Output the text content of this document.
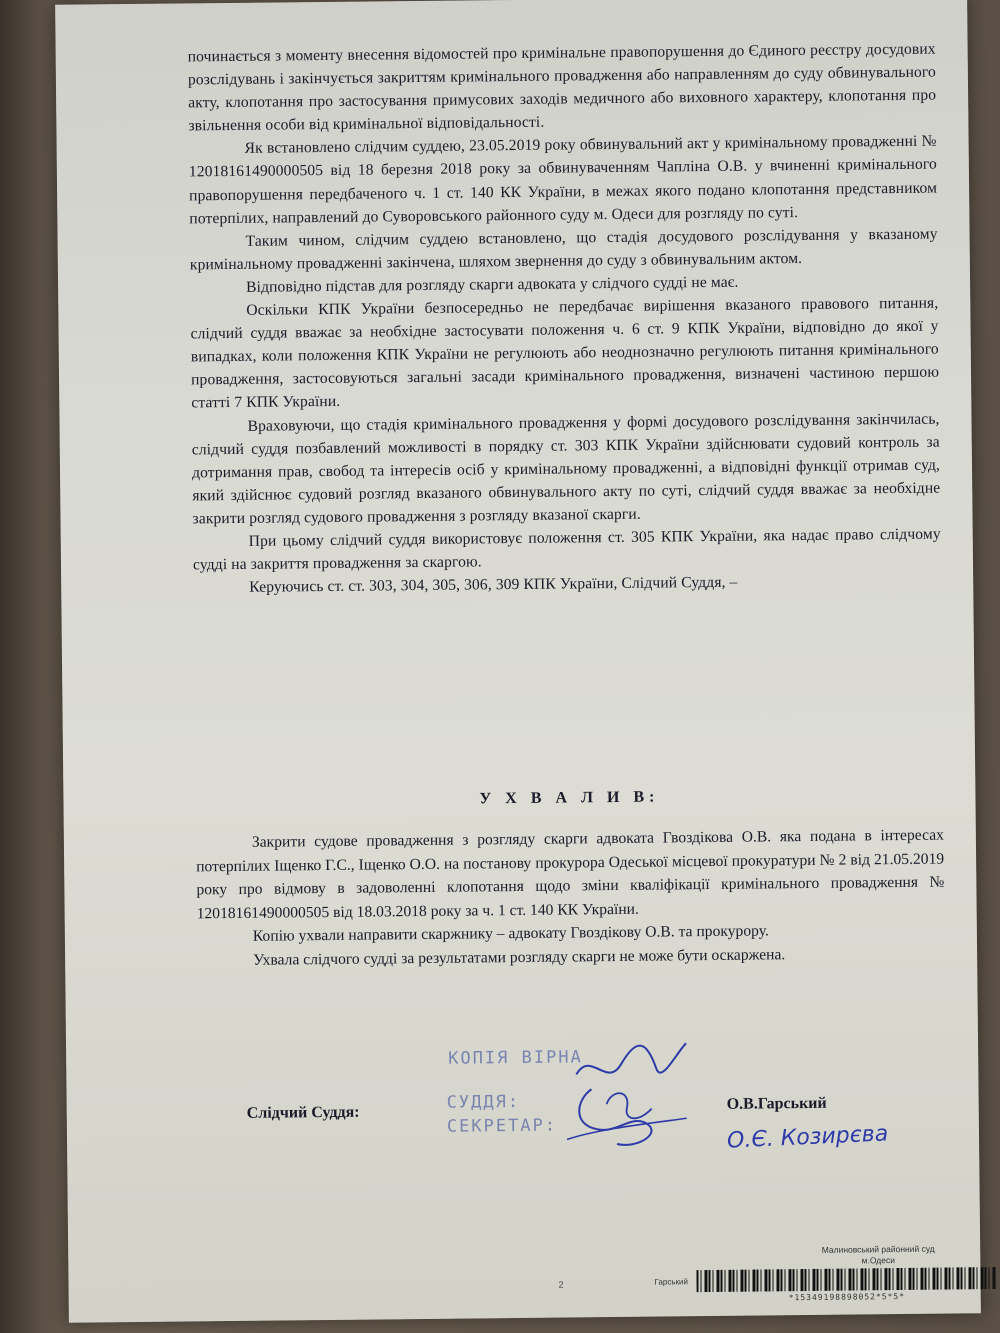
починається з моменту внесення відомостей про кримінальне правопорушення до Єдиного реєстру досудових розслідувань і закінчується закриттям кримінального провадження або направленням до суду обвинувального акту, клопотання про застосування примусових заходів медичного або виховного характеру, клопотання про звільнення особи від кримінальної відповідальності.

Як встановлено слідчим суддею, 23.05.2019 року обвинувальний акт у кримінальному провадженні № 12018161490000505 від 18 березня 2018 року за обвинуваченням Чапліна О.В. у вчиненні кримінального правопорушення передбаченого ч. 1 ст. 140 КК України, в межах якого подано клопотання представником потерпілих, направлений до Суворовського районного суду м. Одеси для розгляду по суті.

Таким чином, слідчим суддею встановлено, що стадія досудового розслідування у вказаному кримінальному провадженні закінчена, шляхом звернення до суду з обвинувальним актом.

Відповідно підстав для розгляду скарги адвоката у слідчого судді не має.

Оскільки КПК України безпосередньо не передбачає вирішення вказаного правового питання, слідчий суддя вважає за необхідне застосувати положення ч. 6 ст. 9 КПК України, відповідно до якої у випадках, коли положення КПК України не регулюють або неоднозначно регулюють питання кримінального провадження, застосовуються загальні засади кримінального провадження, визначені частиною першою статті 7 КПК України.

Враховуючи, що стадія кримінального провадження у формі досудового розслідування закінчилась, слідчий суддя позбавлений можливості в порядку ст. 303 КПК України здійснювати судовий контроль за дотримання прав, свобод та інтересів осіб у кримінальному провадженні, а відповідні функції отримав суд, який здійснює судовий розгляд вказаного обвинувального акту по суті, слідчий суддя вважає за необхідне закрити розгляд судового провадження з розгляду вказаної скарги.

При цьому слідчий суддя використовує положення ст. 305 КПК України, яка надає право слідчому судді на закриття провадження за скаргою.

Керуючись ст. ст. 303, 304, 305, 306, 309 КПК України, Слідчий Суддя, –

У Х В А Л И В:

Закрити судове провадження з розгляду скарги адвоката Гвоздікова О.В. яка подана в інтересах потерпілих Іщенко Г.С., Іщенко О.О. на постанову прокурора Одеської місцевої прокуратури № 2 від 21.05.2019 року про відмову в задоволенні клопотання щодо зміни кваліфікації кримінального провадження № 12018161490000505 від 18.03.2018 року за ч. 1 ст. 140 КК України.

Копію ухвали направити скаржнику – адвокату Гвоздікову О.В. та прокурору.

Ухвала слідчого судді за результатами розгляду скарги не може бути оскаржена.

Слідчий Суддя:
КОПІЯ ВІРНА
СУДДЯ:
СЕКРЕТАР:
О.В.Гарський
О.Є. Козирєва
Малиновський районний суд
м.Одеси
2	Гарський
*15349198898052*5*5*
